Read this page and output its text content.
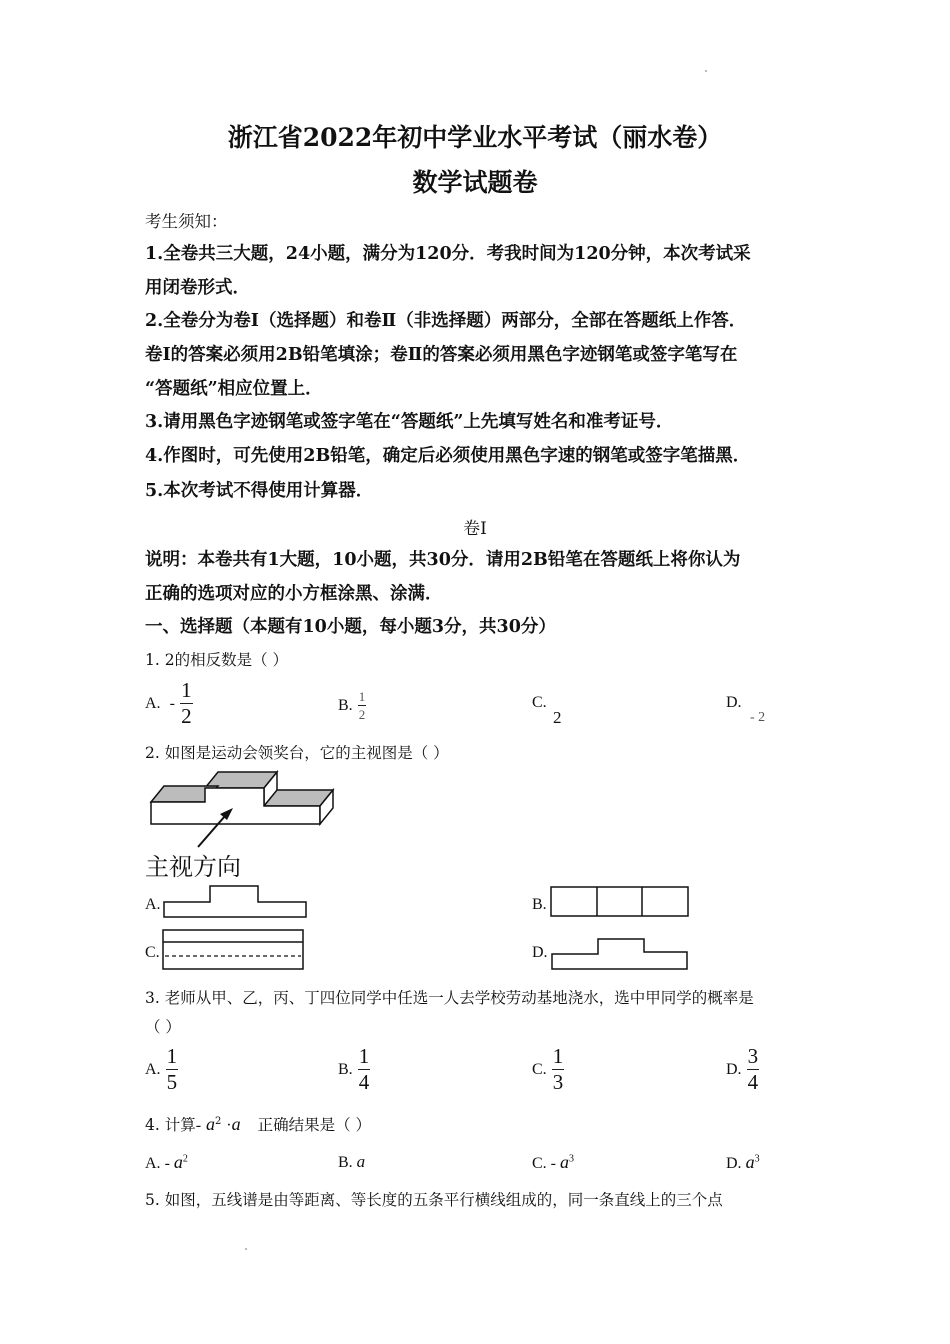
浙江省2022年初中学业水平考试（丽水卷）
数学试题卷
考生须知：
1.全卷共三大题，24小题，满分为120分．考我时间为120分钟，本次考试采
用闭卷形式．
2.全卷分为卷Ⅰ（选择题）和卷Ⅱ（非选择题）两部分，全部在答题纸上作答．
卷Ⅰ的答案必须用2B铅笔填涂；卷Ⅱ的答案必须用黑色字迹钢笔或签字笔写在
“答题纸”相应位置上．
3.请用黑色字迹钢笔或签字笔在“答题纸”上先填写姓名和准考证号．
4.作图时，可先使用2B铅笔，确定后必须使用黑色字速的钢笔或签字笔描黑．
5.本次考试不得使用计算器．
卷Ⅰ
说明：本卷共有1大题，10小题，共30分．请用2B铅笔在答题纸上将你认为
正确的选项对应的小方框涂黑、涂满．
一、选择题（本题有10小题，每小题3分，共30分）
1. 2的相反数是（ ）
A. - $\frac{1}{2}$	B. $\frac{1}{2}$	C.
2
D.
- 2
2. 如图是运动会领奖台，它的主视图是（ ）
主视方向
A.	B.
C.	D.
3. 老师从甲、乙，丙、丁四位同学中任选一人去学校劳动基地浇水，选中甲同学的概率是
（ ）
A. $\frac{1}{5}$	B. $\frac{1}{4}$	C. $\frac{1}{3}$	D. $\frac{3}{4}$
4. 计算- $a^2 \cdot a$ 正确结果是（ ）
A. - $a^2$	B. a	C. - $a^3$	D. $a^3$
5. 如图，五线谱是由等距离、等长度的五条平行横线组成的，同一条直线上的三个点
